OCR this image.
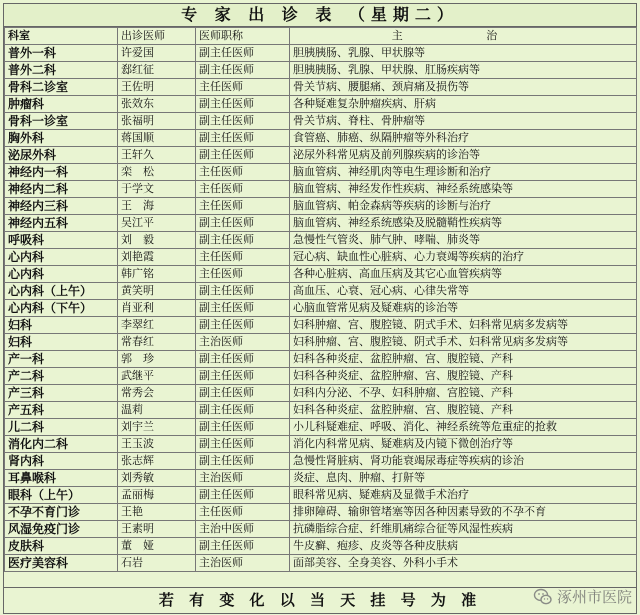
专 家 出 诊 表 （星期二）
科室	出诊医师	医师职称	主 治
普外一科	许爱国	副主任医师	胆胰胰肠、乳腺、甲状腺等
普外二科	郄红征	副主任医师	胆胰胰肠、乳腺、甲状腺、肛肠疾病等
骨科二诊室	王佐明	主任医师	骨关节病、腰腿痛、颈肩痛及损伤等
肿瘤科	张效东	副主任医师	各种疑难复杂肿瘤疾病、肝病
骨科一诊室	张福明	副主任医师	骨关节病、脊柱、骨肿瘤等
胸外科	蒋国顺	副主任医师	食管癌、肺癌、纵隔肿瘤等外科治疗
泌尿外科	王轩久	副主任医师	泌尿外科常见病及前列腺疾病的诊治等
神经内一科	栾　松	主任医师	脑血管病、神经肌肉等电生理诊断和治疗
神经内二科	于学文	主任医师	脑血管病、神经发作性疾病、神经系统感染等
神经内三科	王　海	主任医师	脑血管病、帕金森病等疾病的诊断与治疗
神经内五科	吴江平	副主任医师	脑血管病、神经系统感染及脱髓鞘性疾病等
呼吸科	刘　毅	副主任医师	急慢性气管炎、肺气肿、哮喘、肺炎等
心内科	刘艳霞	主任医师	冠心病、缺血性心脏病、心力衰竭等疾病的治疗
心内科	韩广铭	主任医师	各种心脏病、高血压病及其它心血管疾病等
心内科（上午）	黄笑明	副主任医师	高血压、心衰、冠心病、心律失常等
心内科（下午）	肖亚利	副主任医师	心脑血管常见病及疑难病的诊治等
妇科	李翠红	副主任医师	妇科肿瘤、宫、腹腔镜、阴式手术、妇科常见病多发病等
妇科	常春红	主治医师	妇科肿瘤、宫、腹腔镜、阴式手术、妇科常见病多发病等
产一科	郭　珍	副主任医师	妇科各种炎症、盆腔肿瘤、宫、腹腔镜、产科
产二科	武继平	副主任医师	妇科各种炎症、盆腔肿瘤、宫、腹腔镜、产科
产三科	常秀会	副主任医师	妇科内分泌、不孕、妇科肿瘤、宫腔镜、产科
产五科	温莉	副主任医师	妇科各种炎症、盆腔肿瘤、宫、腹腔镜、产科
儿二科	刘宇兰	副主任医师	小儿科疑难症、呼吸、消化、神经系统等危重症的抢救
消化内二科	王玉波	副主任医师	消化内科常见病、疑难病及内镜下微创治疗等
肾内科	张志辉	副主任医师	急慢性肾脏病、肾功能衰竭尿毒症等疾病的诊治
耳鼻喉科	刘秀敏	主治医师	炎症、息肉、肿瘤、打鼾等
眼科（上午）	孟丽梅	副主任医师	眼科常见病、疑难病及显微手术治疗
不孕不育门诊	王艳	主任医师	排卵障碍、输卵管堵塞等因各种因素导致的不孕不育
风湿免疫门诊	王素明	主治中医师	抗磷脂综合症、纤维肌痛综合征等风湿性疾病
皮肤科	董　娅	副主任医师	牛皮癣、疱疹、皮炎等各种皮肤病
医疗美容科	石岩	主治医师	面部美容、全身美容、外科小手术
若 有 变 化 以 当 天 挂 号 为 准	涿州市医院
